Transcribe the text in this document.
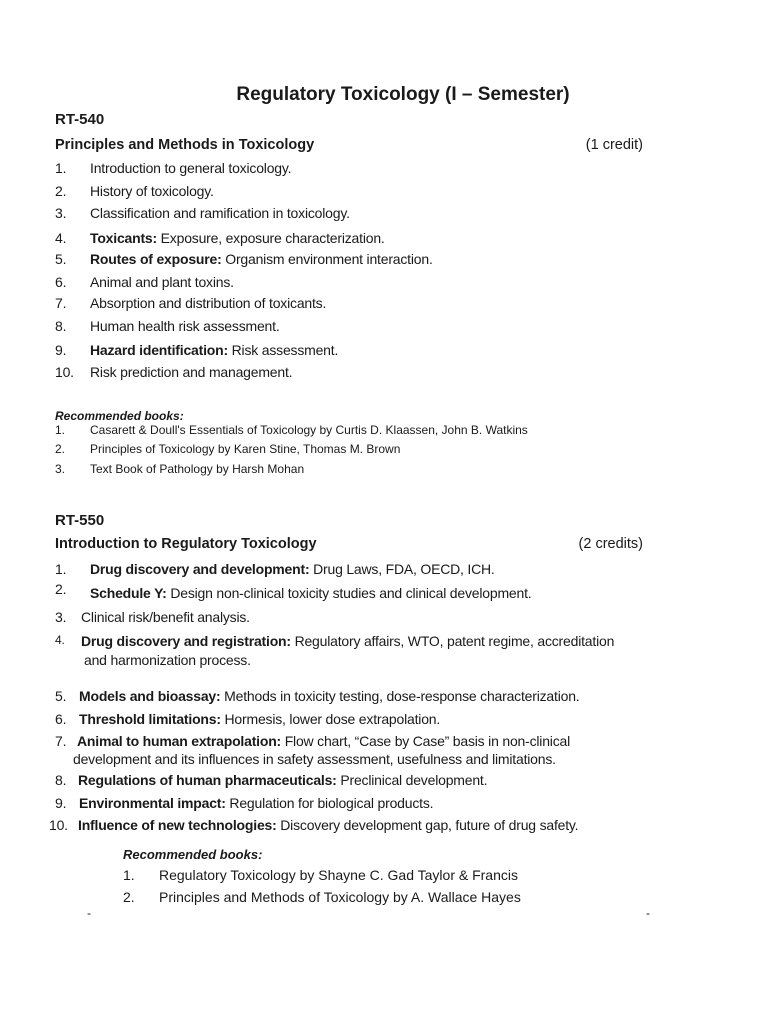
Regulatory Toxicology (I – Semester)
RT-540
Principles and Methods in Toxicology	(1 credit)
1. Introduction to general toxicology.
2. History of toxicology.
3. Classification and ramification in toxicology.
4. Toxicants: Exposure, exposure characterization.
5. Routes of exposure: Organism environment interaction.
6. Animal and plant toxins.
7. Absorption and distribution of toxicants.
8. Human health risk assessment.
9. Hazard identification: Risk assessment.
10. Risk prediction and management.
Recommended books:
1. Casarett & Doull's Essentials of Toxicology by Curtis D. Klaassen, John B. Watkins
2. Principles of Toxicology by Karen Stine, Thomas M. Brown
3. Text Book of Pathology by Harsh Mohan
RT-550
Introduction to Regulatory Toxicology	(2 credits)
1. Drug discovery and development: Drug Laws, FDA, OECD, ICH.
2. Schedule Y: Design non-clinical toxicity studies and clinical development.
3. Clinical risk/benefit analysis.
4. Drug discovery and registration: Regulatory affairs, WTO, patent regime, accreditation
and harmonization process.
5. Models and bioassay: Methods in toxicity testing, dose-response characterization.
6. Threshold limitations: Hormesis, lower dose extrapolation.
7. Animal to human extrapolation: Flow chart, “Case by Case” basis in non-clinical
development and its influences in safety assessment, usefulness and limitations.
8. Regulations of human pharmaceuticals: Preclinical development.
9. Environmental impact: Regulation for biological products.
10. Influence of new technologies: Discovery development gap, future of drug safety.
Recommended books:
1. Regulatory Toxicology by Shayne C. Gad Taylor & Francis
2. Principles and Methods of Toxicology by A. Wallace Hayes
-	-
